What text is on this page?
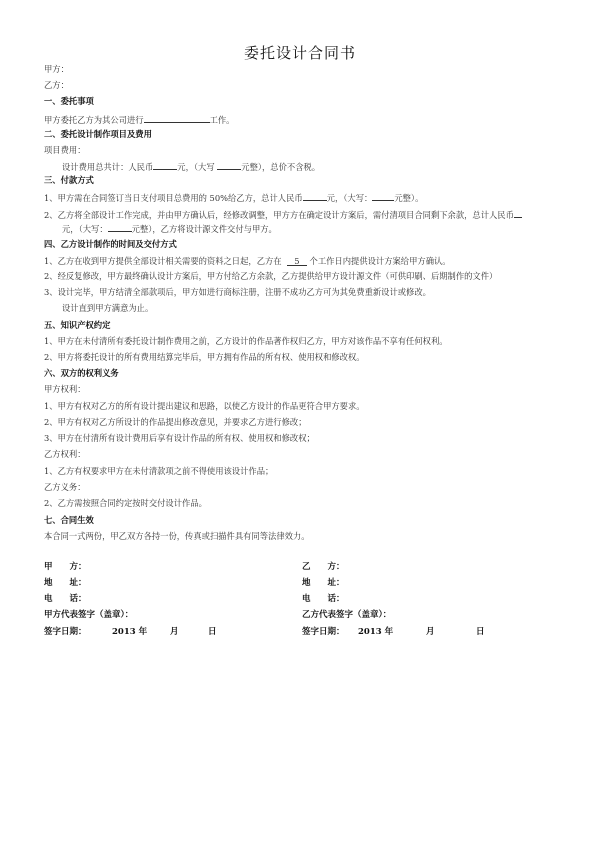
委托设计合同书
甲方：
乙方：
一、委托事项
甲方委托乙方为其公司进行	工作。
二、委托设计制作项目及费用
项目费用：
设计费用总共计：人民币	元，（大写	元整），总价不含税。
三、付款方式
1、甲方需在合同签订当日支付项目总费用的 50%给乙方，总计人民币	元，（大写：	元整）。
2、乙方将全部设计工作完成，并由甲方确认后，经修改调整，甲方方在确定设计方案后，需付清项目合同剩下余款，总计人民币
元，（大写：	元整），乙方将设计源文件交付与甲方。
四、乙方设计制作的时间及交付方式
1、乙方在收到甲方提供全部设计相关需要的资料之日起，乙方在 5 个工作日内提供设计方案给甲方确认。
2、经反复修改，甲方最终确认设计方案后，甲方付给乙方余款，乙方提供给甲方设计源文件（可供印刷、后期制作的文件）
3、设计完毕，甲方结清全部款项后，甲方如进行商标注册，注册不成功乙方可为其免费重新设计或修改。
设计直到甲方满意为止。
五、知识产权约定
1、甲方在未付清所有委托设计制作费用之前，乙方设计的作品著作权归乙方，甲方对该作品不享有任何权利。
2、甲方将委托设计的所有费用结算完毕后，甲方拥有作品的所有权、使用权和修改权。
六、双方的权利义务
甲方权利：
1、甲方有权对乙方的所有设计提出建议和思路，以使乙方设计的作品更符合甲方要求。
2、甲方有权对乙方所设计的作品提出修改意见，并要求乙方进行修改；
3、甲方在付清所有设计费用后享有设计作品的所有权、使用权和修改权；
乙方权利：
1、乙方有权要求甲方在未付清款项之前不得使用该设计作品；
乙方义务：
2、乙方需按照合同约定按时交付设计作品。
七、合同生效
本合同一式两份，甲乙双方各持一份，传真或扫描件具有同等法律效力。
甲　　方：	乙　　方：
地　　址：	地　　址：
电　　话：	电　　话：
甲方代表签字（盖章）：	乙方代表签字（盖章）：
签字日期：	2013 年	月	日	签字日期： 2013 年	月	日
